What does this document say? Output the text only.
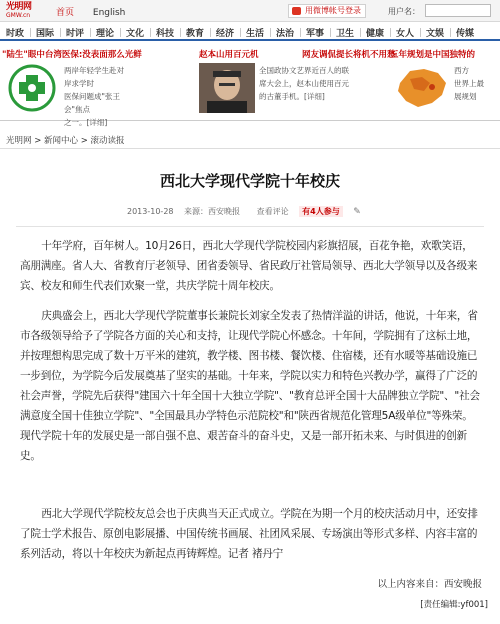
光明网
GMW.cn	首页 English	用微博帐号登录	用户名：
时政 国际 时评 理论 文化 科技 教育 经济 生活 法治 军事 卫生 健康 女人 文娱 传媒
"陆生"眼中台湾医保:没表面那么光鲜
两岸年轻学生赴对岸求学时
医保问题成"张王会"焦点
之一。[详细]
赵本山用百元机
全国政协文艺界近百人的联
席大会上，赵本山使用百元
的古董手机。[详细]
网友调侃提长将机不用愁
五年规划是中国独特的
西方
世界上最
展规划
光明网 > 新闻中心 > 滚动读报
西北大学现代学院十年校庆
2013-10-28 来源：西安晚报 查看评论 有4人参与 ✎

十年学府，百年树人。10月26日，西北大学现代学院校园内彩旗招展，百花争艳，欢歌笑语，高朋满座。省人大、省教育厅老领导、团省委领导、省民政厅社管局领导、西北大学领导以及各级来宾、校友和师生代表们欢聚一堂，共庆学院十周年校庆。

庆典盛会上，西北大学现代学院董事长兼院长刘家全发表了热情洋溢的讲话，他说，十年来，省市各级领导给予了学院各方面的关心和支持，让现代学院心怀感念。十年间，学院拥有了这标土地，并按理想构思完成了数十万平米的建筑，教学楼、图书楼、餐饮楼、住宿楼，还有水暖等基础设施已一步到位，为学院今后发展奠基了坚实的基础。十年来，学院以实力和特色兴教办学，赢得了广泛的社会声誉，学院先后获得"建国六十年全国十大独立学院"、"教育总评全国十大品牌独立学院"、"社会满意度全国十佳独立学院"、"全国最具办学特色示范院校"和"陕西省规范化管理5A级单位"等殊荣。现代学院十年的发展史是一部自强不息、艰苦奋斗的奋斗史，又是一部开拓未来、与时俱进的创新史。

西北大学现代学院校友总会也于庆典当天正式成立。学院在为期一个月的校庆活动月中，还安排了院士学术报告、原创电影展播、中国传统书画展、社团风采展、专场演出等形式多样、内容丰富的系列活动，将以十年校庆为新起点再铸辉煌。记者 褚丹宁

以上内容来自：西安晚报
[责任编辑:yf001]
